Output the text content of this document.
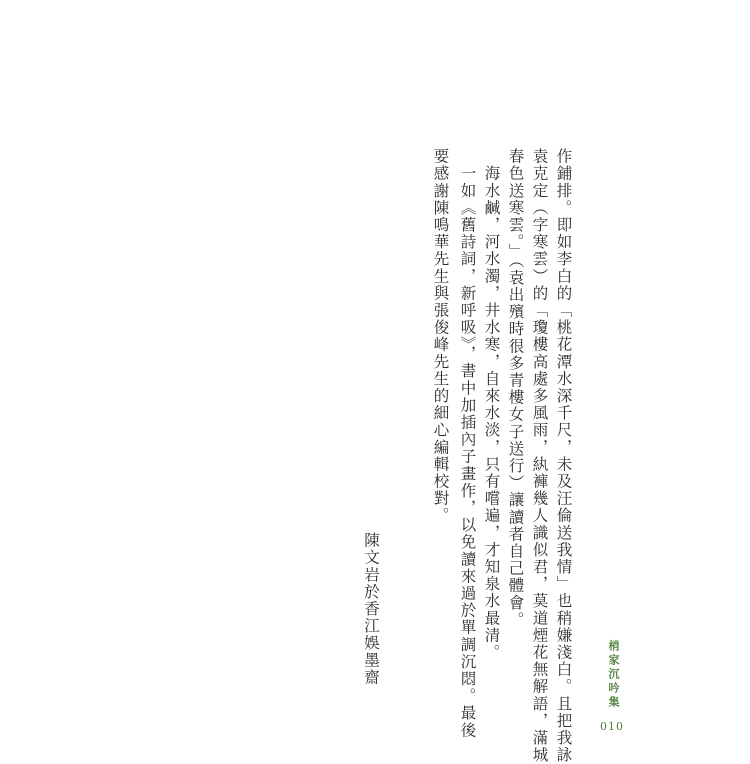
作鋪排。即如李白的「桃花潭水深千尺，未及汪倫送我情」也稍嫌淺白。且把我詠
袁克定（字寒雲）的「瓊樓高處多風雨，紈褲幾人識似君，莫道煙花無解語，滿城
春色送寒雲。」（袁出殯時很多青樓女子送行）讓讀者自己體會。
　海水鹹，河水濁，井水寒，自來水淡，只有嚐遍，才知泉水最清。
　一如《舊詩詞，新呼吸》，書中加插內子畫作，以免讀來過於單調沉悶。最後
要感謝陳鳴華先生與張俊峰先生的細心編輯校對。
陳文岩於香江娛墨齋	梢家沉吟集
010
